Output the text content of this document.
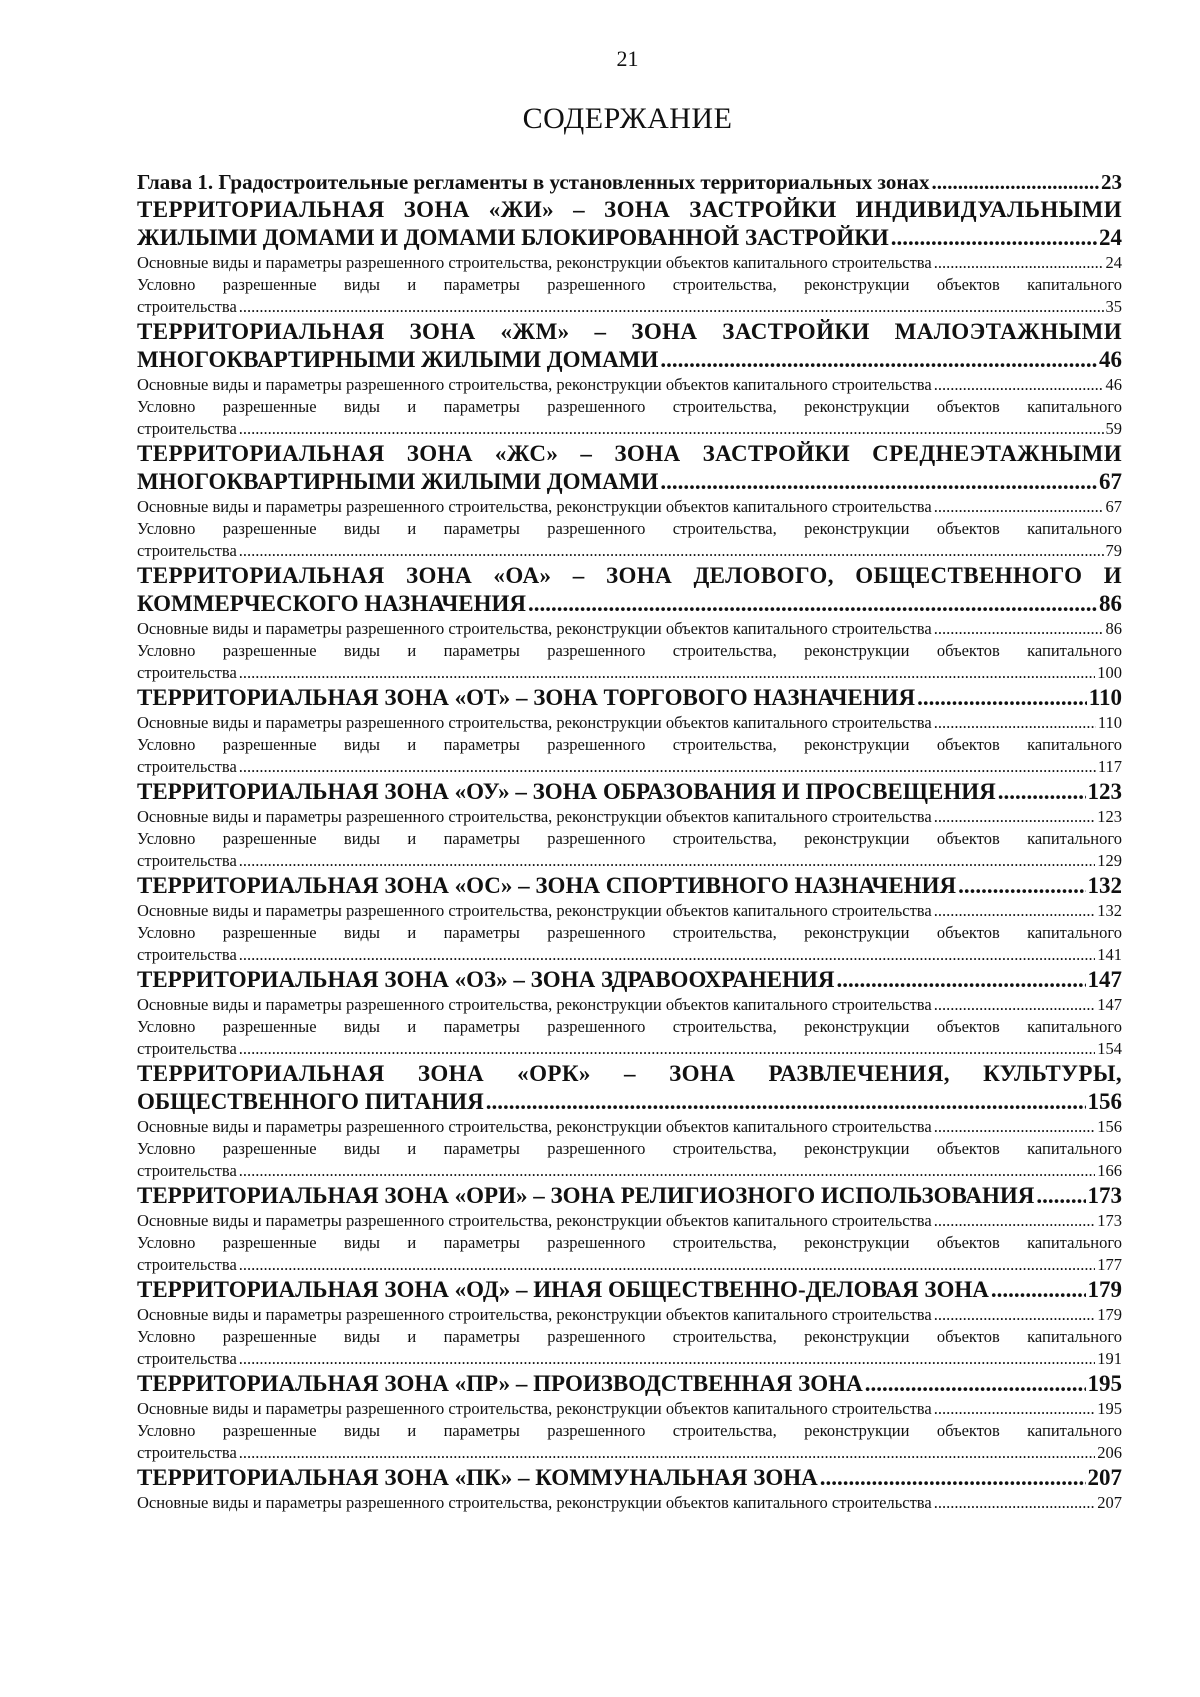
21
СОДЕРЖАНИЕ
Глава 1. Градостроительные регламенты в установленных территориальных зонах .....	23
ТЕРРИТОРИАЛЬНАЯ ЗОНА «ЖИ» – ЗОНА ЗАСТРОЙКИ ИНДИВИДУАЛЬНЫМИ
ЖИЛЫМИ ДОМАМИ И ДОМАМИ БЛОКИРОВАННОЙ ЗАСТРОЙКИ .....	24
Основные виды и параметры разрешенного строительства, реконструкции объектов капитального строительства .....	24
Условно разрешенные виды и параметры разрешенного строительства, реконструкции объектов капитального
строительства .....	35
ТЕРРИТОРИАЛЬНАЯ ЗОНА «ЖМ» – ЗОНА ЗАСТРОЙКИ МАЛОЭТАЖНЫМИ
МНОГОКВАРТИРНЫМИ ЖИЛЫМИ ДОМАМИ .....	46
Основные виды и параметры разрешенного строительства, реконструкции объектов капитального строительства .....	46
Условно разрешенные виды и параметры разрешенного строительства, реконструкции объектов капитального
строительства .....	59
ТЕРРИТОРИАЛЬНАЯ ЗОНА «ЖС» – ЗОНА ЗАСТРОЙКИ СРЕДНЕЭТАЖНЫМИ
МНОГОКВАРТИРНЫМИ ЖИЛЫМИ ДОМАМИ .....	67
Основные виды и параметры разрешенного строительства, реконструкции объектов капитального строительства .....	67
Условно разрешенные виды и параметры разрешенного строительства, реконструкции объектов капитального
строительства .....	79
ТЕРРИТОРИАЛЬНАЯ ЗОНА «ОА» – ЗОНА ДЕЛОВОГО, ОБЩЕСТВЕННОГО И
КОММЕРЧЕСКОГО НАЗНАЧЕНИЯ .....	86
Основные виды и параметры разрешенного строительства, реконструкции объектов капитального строительства .....	86
Условно разрешенные виды и параметры разрешенного строительства, реконструкции объектов капитального
строительства .....	100
ТЕРРИТОРИАЛЬНАЯ ЗОНА «ОТ» – ЗОНА ТОРГОВОГО НАЗНАЧЕНИЯ .....	110
Основные виды и параметры разрешенного строительства, реконструкции объектов капитального строительства .....	110
Условно разрешенные виды и параметры разрешенного строительства, реконструкции объектов капитального
строительства .....	117
ТЕРРИТОРИАЛЬНАЯ ЗОНА «ОУ» – ЗОНА ОБРАЗОВАНИЯ И ПРОСВЕЩЕНИЯ .....	123
Основные виды и параметры разрешенного строительства, реконструкции объектов капитального строительства .....	123
Условно разрешенные виды и параметры разрешенного строительства, реконструкции объектов капитального
строительства .....	129
ТЕРРИТОРИАЛЬНАЯ ЗОНА «ОС» – ЗОНА СПОРТИВНОГО НАЗНАЧЕНИЯ .....	132
Основные виды и параметры разрешенного строительства, реконструкции объектов капитального строительства .....	132
Условно разрешенные виды и параметры разрешенного строительства, реконструкции объектов капитального
строительства .....	141
ТЕРРИТОРИАЛЬНАЯ ЗОНА «ОЗ» – ЗОНА ЗДРАВООХРАНЕНИЯ .....	147
Основные виды и параметры разрешенного строительства, реконструкции объектов капитального строительства .....	147
Условно разрешенные виды и параметры разрешенного строительства, реконструкции объектов капитального
строительства .....	154
ТЕРРИТОРИАЛЬНАЯ ЗОНА «ОРК» – ЗОНА РАЗВЛЕЧЕНИЯ, КУЛЬТУРЫ,
ОБЩЕСТВЕННОГО ПИТАНИЯ .....	156
Основные виды и параметры разрешенного строительства, реконструкции объектов капитального строительства .....	156
Условно разрешенные виды и параметры разрешенного строительства, реконструкции объектов капитального
строительства .....	166
ТЕРРИТОРИАЛЬНАЯ ЗОНА «ОРИ» – ЗОНА РЕЛИГИОЗНОГО ИСПОЛЬЗОВАНИЯ ..... 173
Основные виды и параметры разрешенного строительства, реконструкции объектов капитального строительства .....	173
Условно разрешенные виды и параметры разрешенного строительства, реконструкции объектов капитального
строительства .....	177
ТЕРРИТОРИАЛЬНАЯ ЗОНА «ОД» – ИНАЯ ОБЩЕСТВЕННО-ДЕЛОВАЯ ЗОНА .....	179
Основные виды и параметры разрешенного строительства, реконструкции объектов капитального строительства .....	179
Условно разрешенные виды и параметры разрешенного строительства, реконструкции объектов капитального
строительства .....	191
ТЕРРИТОРИАЛЬНАЯ ЗОНА «ПР» – ПРОИЗВОДСТВЕННАЯ ЗОНА .....	195
Основные виды и параметры разрешенного строительства, реконструкции объектов капитального строительства .....	195
Условно разрешенные виды и параметры разрешенного строительства, реконструкции объектов капитального
строительства .....	206
ТЕРРИТОРИАЛЬНАЯ ЗОНА «ПК» – КОММУНАЛЬНАЯ ЗОНА .....	207
Основные виды и параметры разрешенного строительства, реконструкции объектов капитального строительства .....	207
